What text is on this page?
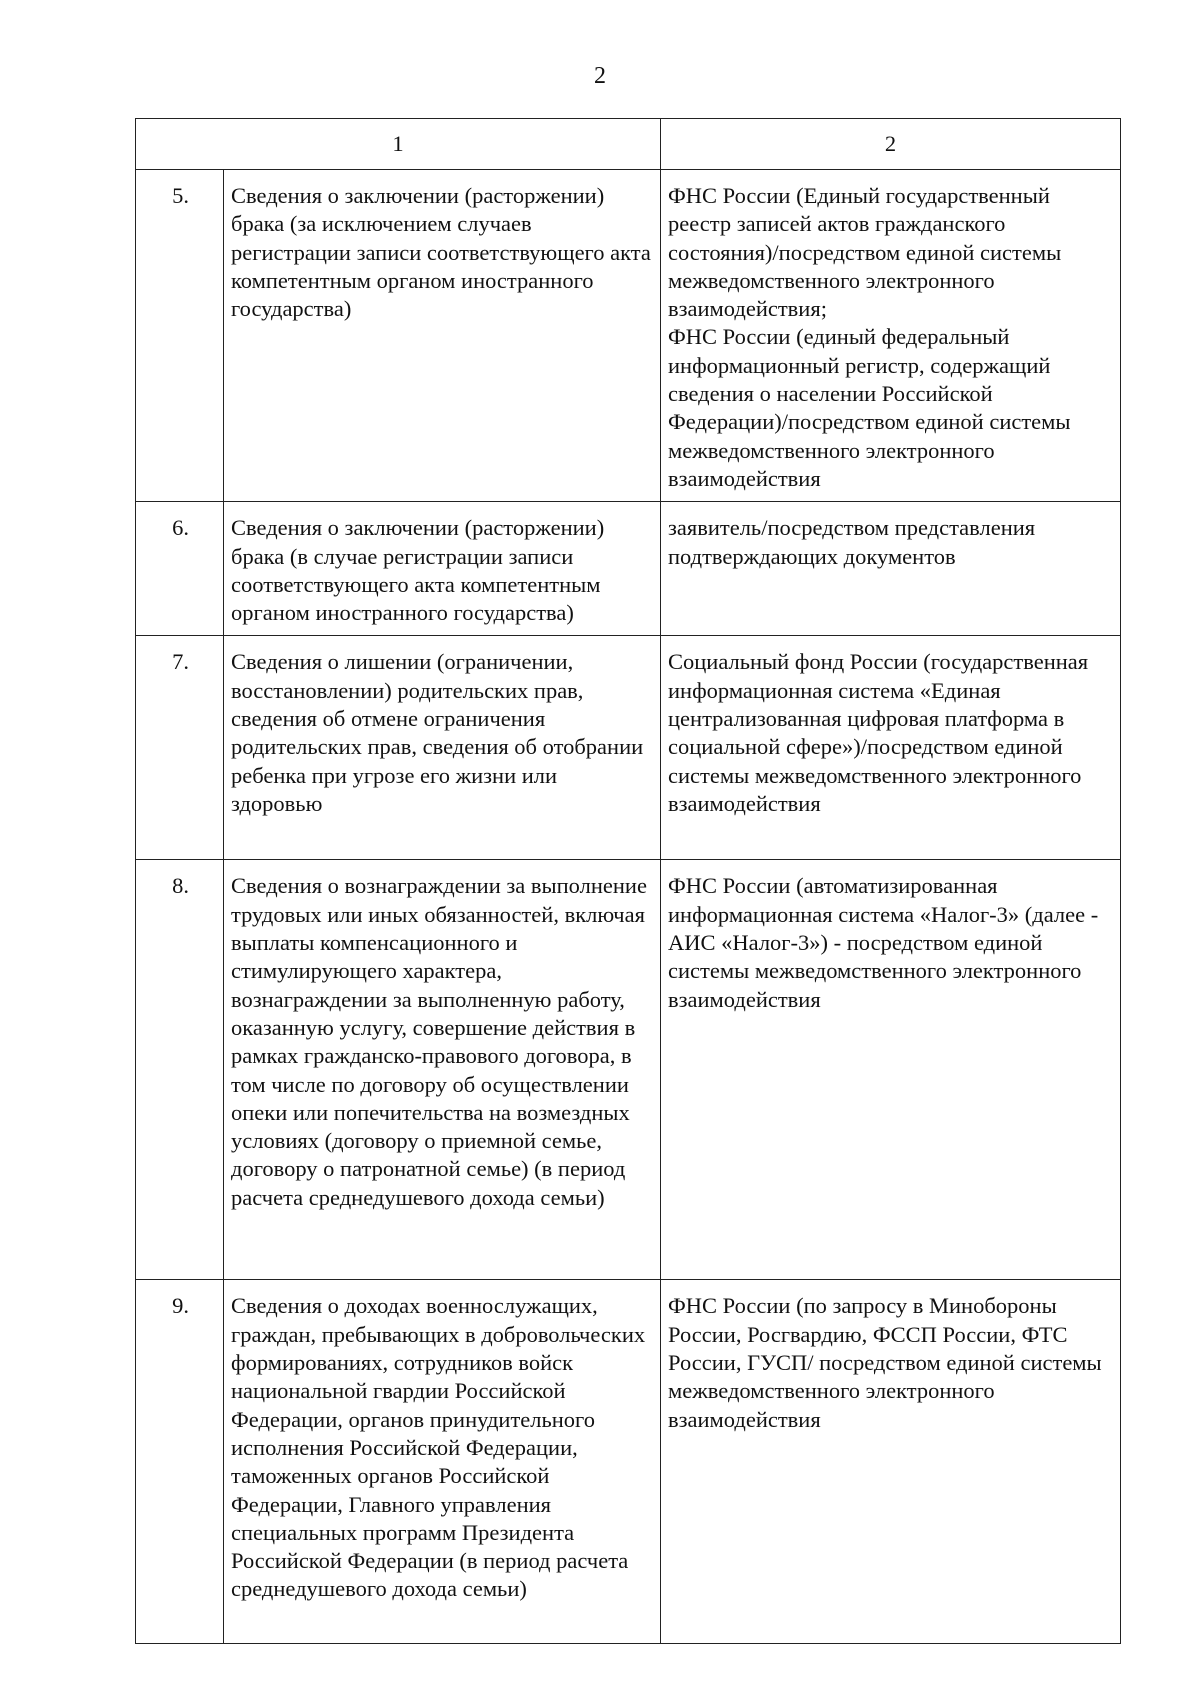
2
1		2
5.	Сведения о заключении (расторжении) брака (за исключением случаев регистрации записи соответствующего акта компетентным органом иностранного государства)	ФНС России (Единый государственный реестр записей актов гражданского состояния)/посредством единой системы межведомственного электронного взаимодействия;
ФНС России (единый федеральный информационный регистр, содержащий сведения о населении Российской Федерации)/посредством единой системы межведомственного электронного взаимодействия
6.	Сведения о заключении (расторжении) брака (в случае регистрации записи соответствующего акта компетентным органом иностранного государства)	заявитель/посредством представления подтверждающих документов
7.	Сведения о лишении (ограничении, восстановлении) родительских прав, сведения об отмене ограничения родительских прав, сведения об отобрании ребенка при угрозе его жизни или здоровью	Социальный фонд России (государственная информационная система «Единая централизованная цифровая платформа в социальной сфере»)/посредством единой системы межведомственного электронного взаимодействия
8.	Сведения о вознаграждении за выполнение трудовых или иных обязанностей, включая выплаты компенсационного и стимулирующего характера, вознаграждении за выполненную работу, оказанную услугу, совершение действия в рамках гражданско-правового договора, в том числе по договору об осуществлении опеки или попечительства на возмездных условиях (договору о приемной семье, договору о патронатной семье) (в период расчета среднедушевого дохода семьи)	ФНС России (автоматизированная информационная система «Налог-3» (далее - АИС «Налог-3») - посредством единой системы межведомственного электронного взаимодействия
9.	Сведения о доходах военнослужащих, граждан, пребывающих в добровольческих формированиях, сотрудников войск национальной гвардии Российской Федерации, органов принудительного исполнения Российской Федерации, таможенных органов Российской Федерации, Главного управления специальных программ Президента Российской Федерации (в период расчета среднедушевого дохода семьи)	ФНС России (по запросу в Минобороны России, Росгвардию, ФССП России, ФТС России, ГУСП/ посредством единой системы межведомственного электронного взаимодействия
